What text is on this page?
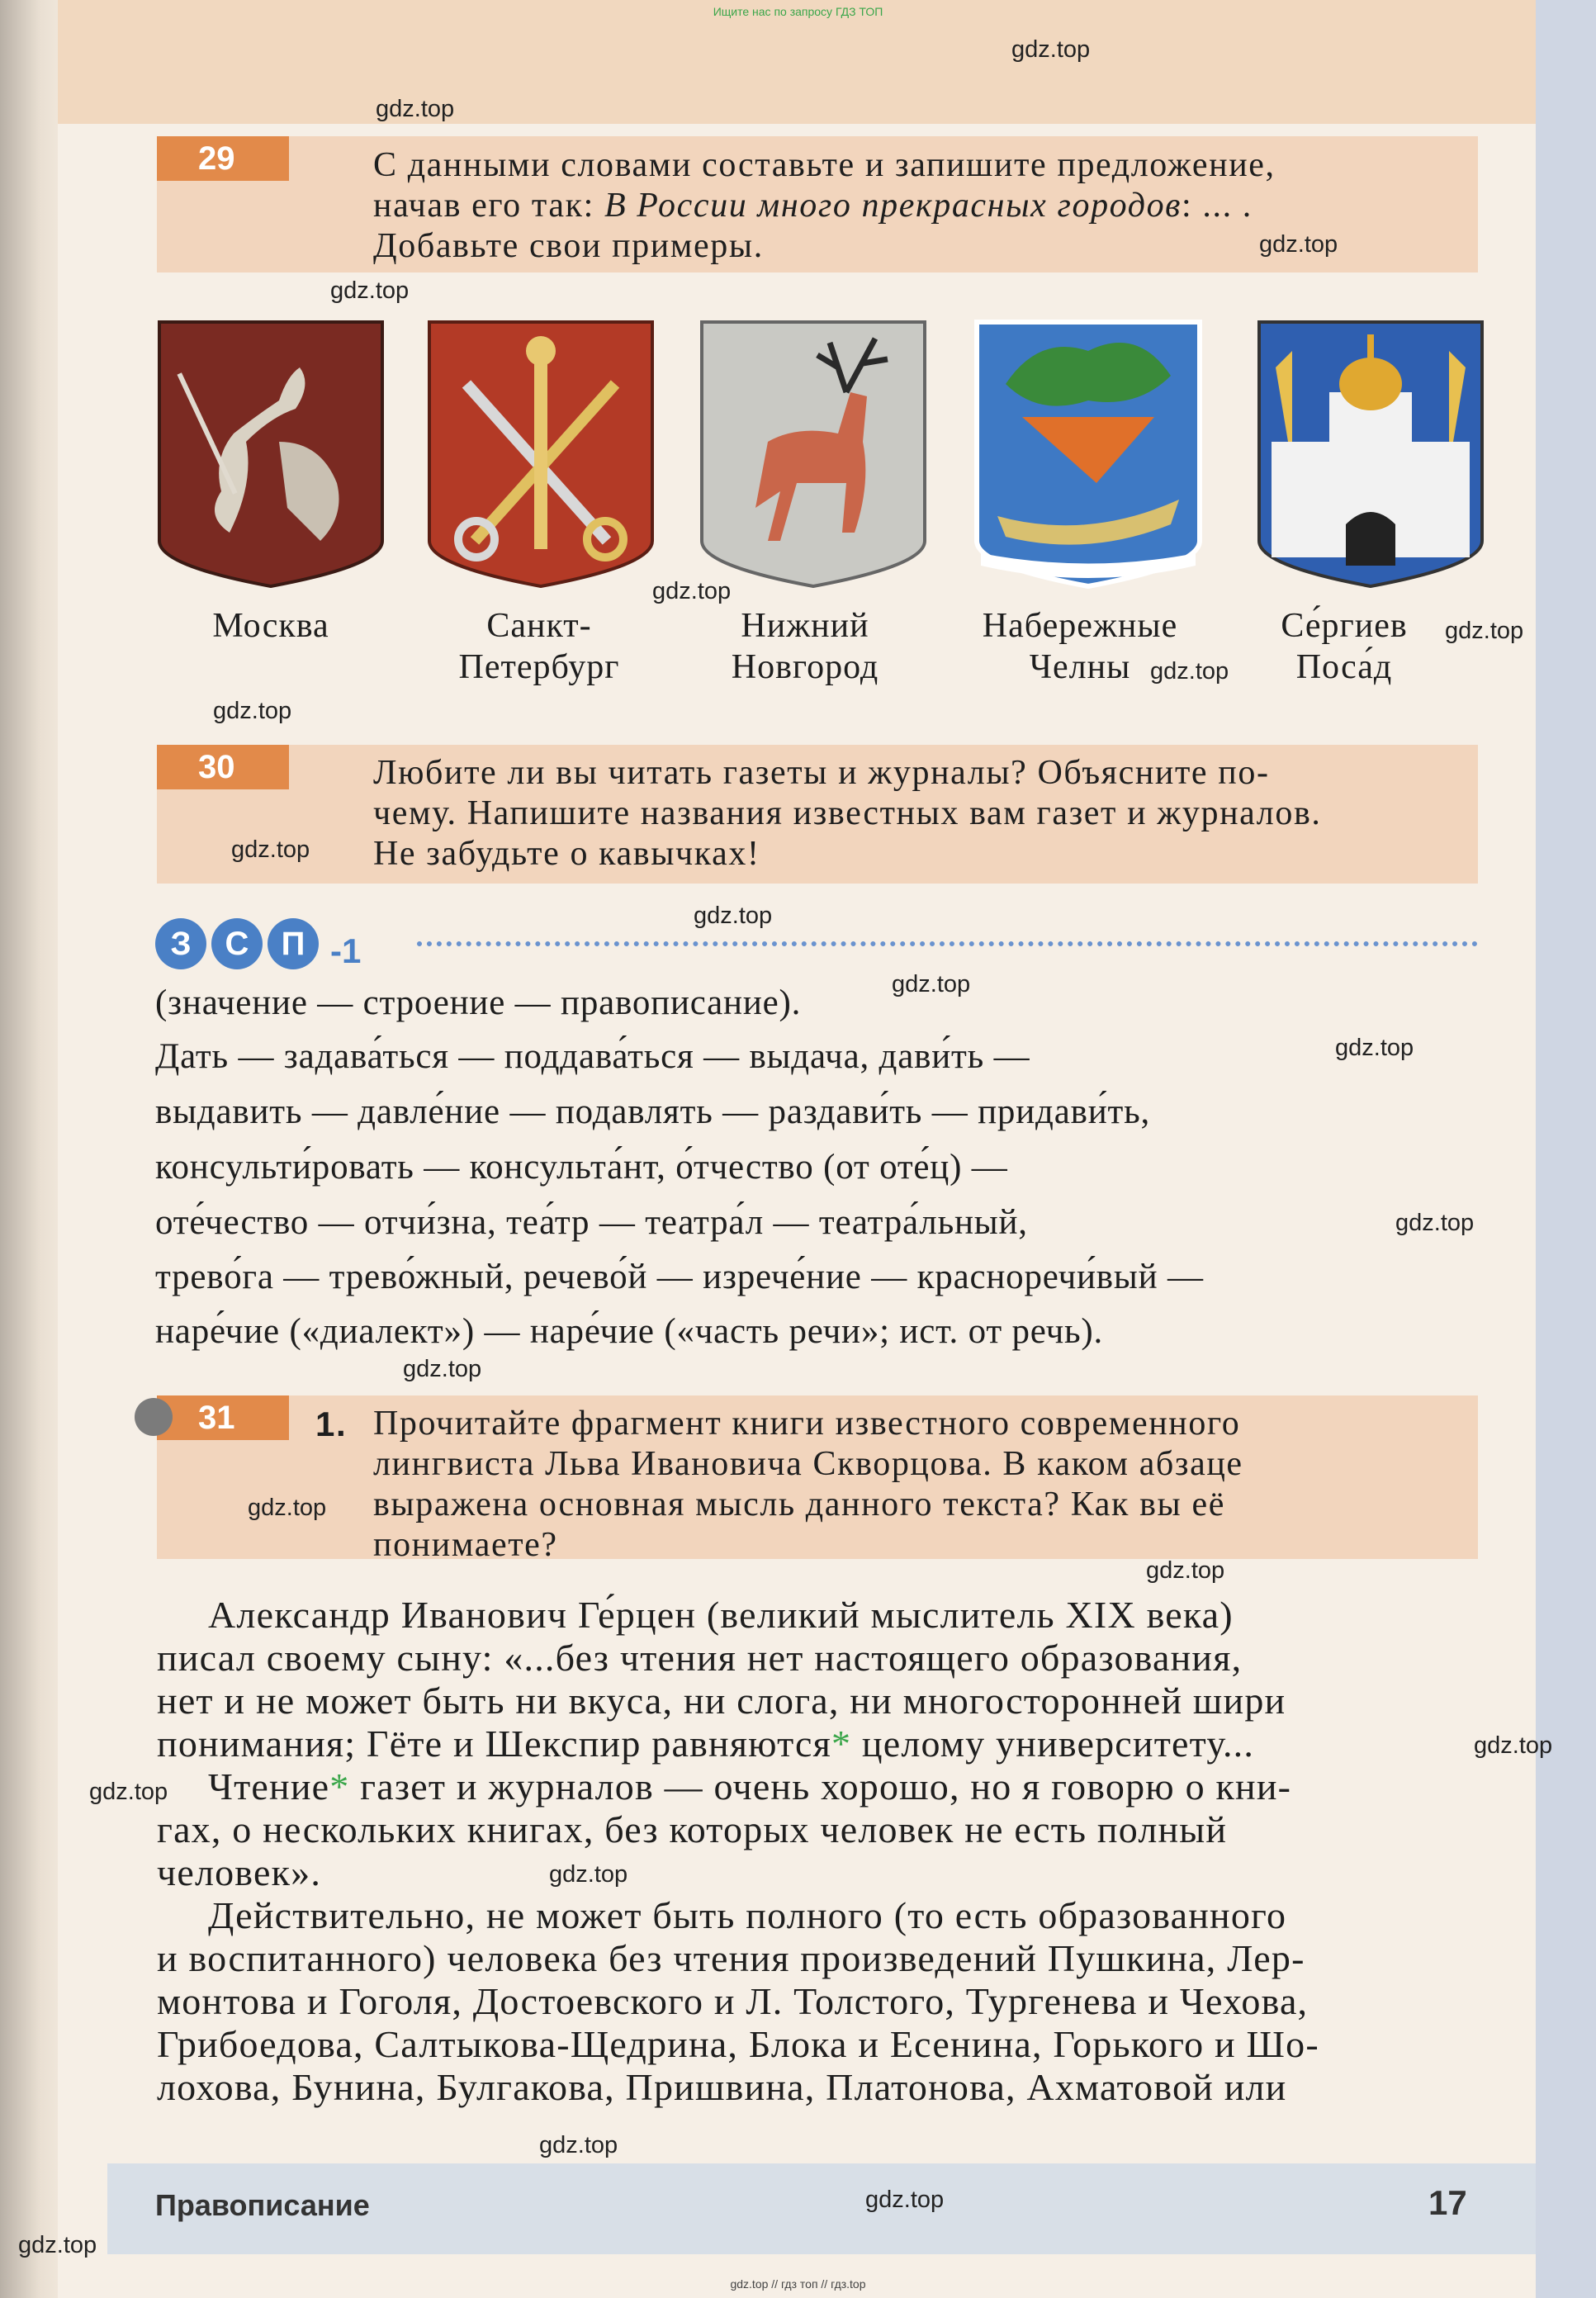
Ищите нас по запросу ГДЗ ТОП
29	С данными словами составьте и запишите предложение,
начав его так: В России много прекрасных городов: ... .
Добавьте свои примеры.
Москва	Санкт-
Петербург
Нижний
Новгород
Набережные
Челны
Се́ргиев
Поса́д
30	Любите ли вы читать газеты и журналы? Объясните по-
чему. Напишите названия известных вам газет и журналов.
Не забудьте о кавычках!
З С П -1
(значение — строение — правописание).
Дать — задава́ться — поддава́ться — выдача, дави́ть —
выдавить — давле́ние — подавлять — раздави́ть — придави́ть,
консульти́ровать — консульта́нт, о́тчество (от оте́ц) —
оте́чество — отчи́зна, теа́тр — театра́л — театра́льный,
трево́га — трево́жный, речево́й — изрече́ние — красноречи́вый —
наре́чие («диалект») — наре́чие («часть речи»; ист. от речь).
31	1. Прочитайте фрагмент книги известного современного
лингвиста Льва Ивановича Скворцова. В каком абзаце
выражена основная мысль данного текста? Как вы её
понимаете?
Александр Иванович Ге́рцен (великий мыслитель XIX века)
писал своему сыну: «...без чтения нет настоящего образования,
нет и не может быть ни вкуса, ни слога, ни многосторонней шири
понимания; Гёте и Шекспир равняются* целому университету...
Чтение* газет и журналов — очень хорошо, но я говорю о кни-
гах, о нескольких книгах, без которых человек не есть полный
человек».
Действительно, не может быть полного (то есть образованного
и воспитанного) человека без чтения произведений Пушкина, Лер-
монтова и Гоголя, Достоевского и Л. Толстого, Тургенева и Чехова,
Грибоедова, Салтыкова-Щедрина, Блока и Есенина, Горького и Шо-
лохова, Бунина, Булгакова, Пришвина, Платонова, Ахматовой или
Правописание	17
gdz.top
gdz.top
gdz.top
gdz.top
gdz.top
gdz.top
gdz.top
gdz.top
gdz.top
gdz.top
gdz.top
gdz.top
gdz.top
gdz.top
gdz.top
gdz.top
gdz.top
gdz.top
gdz.top
gdz.top
gdz.top
gdz.top
gdz.top // гдз топ // гдз.top
